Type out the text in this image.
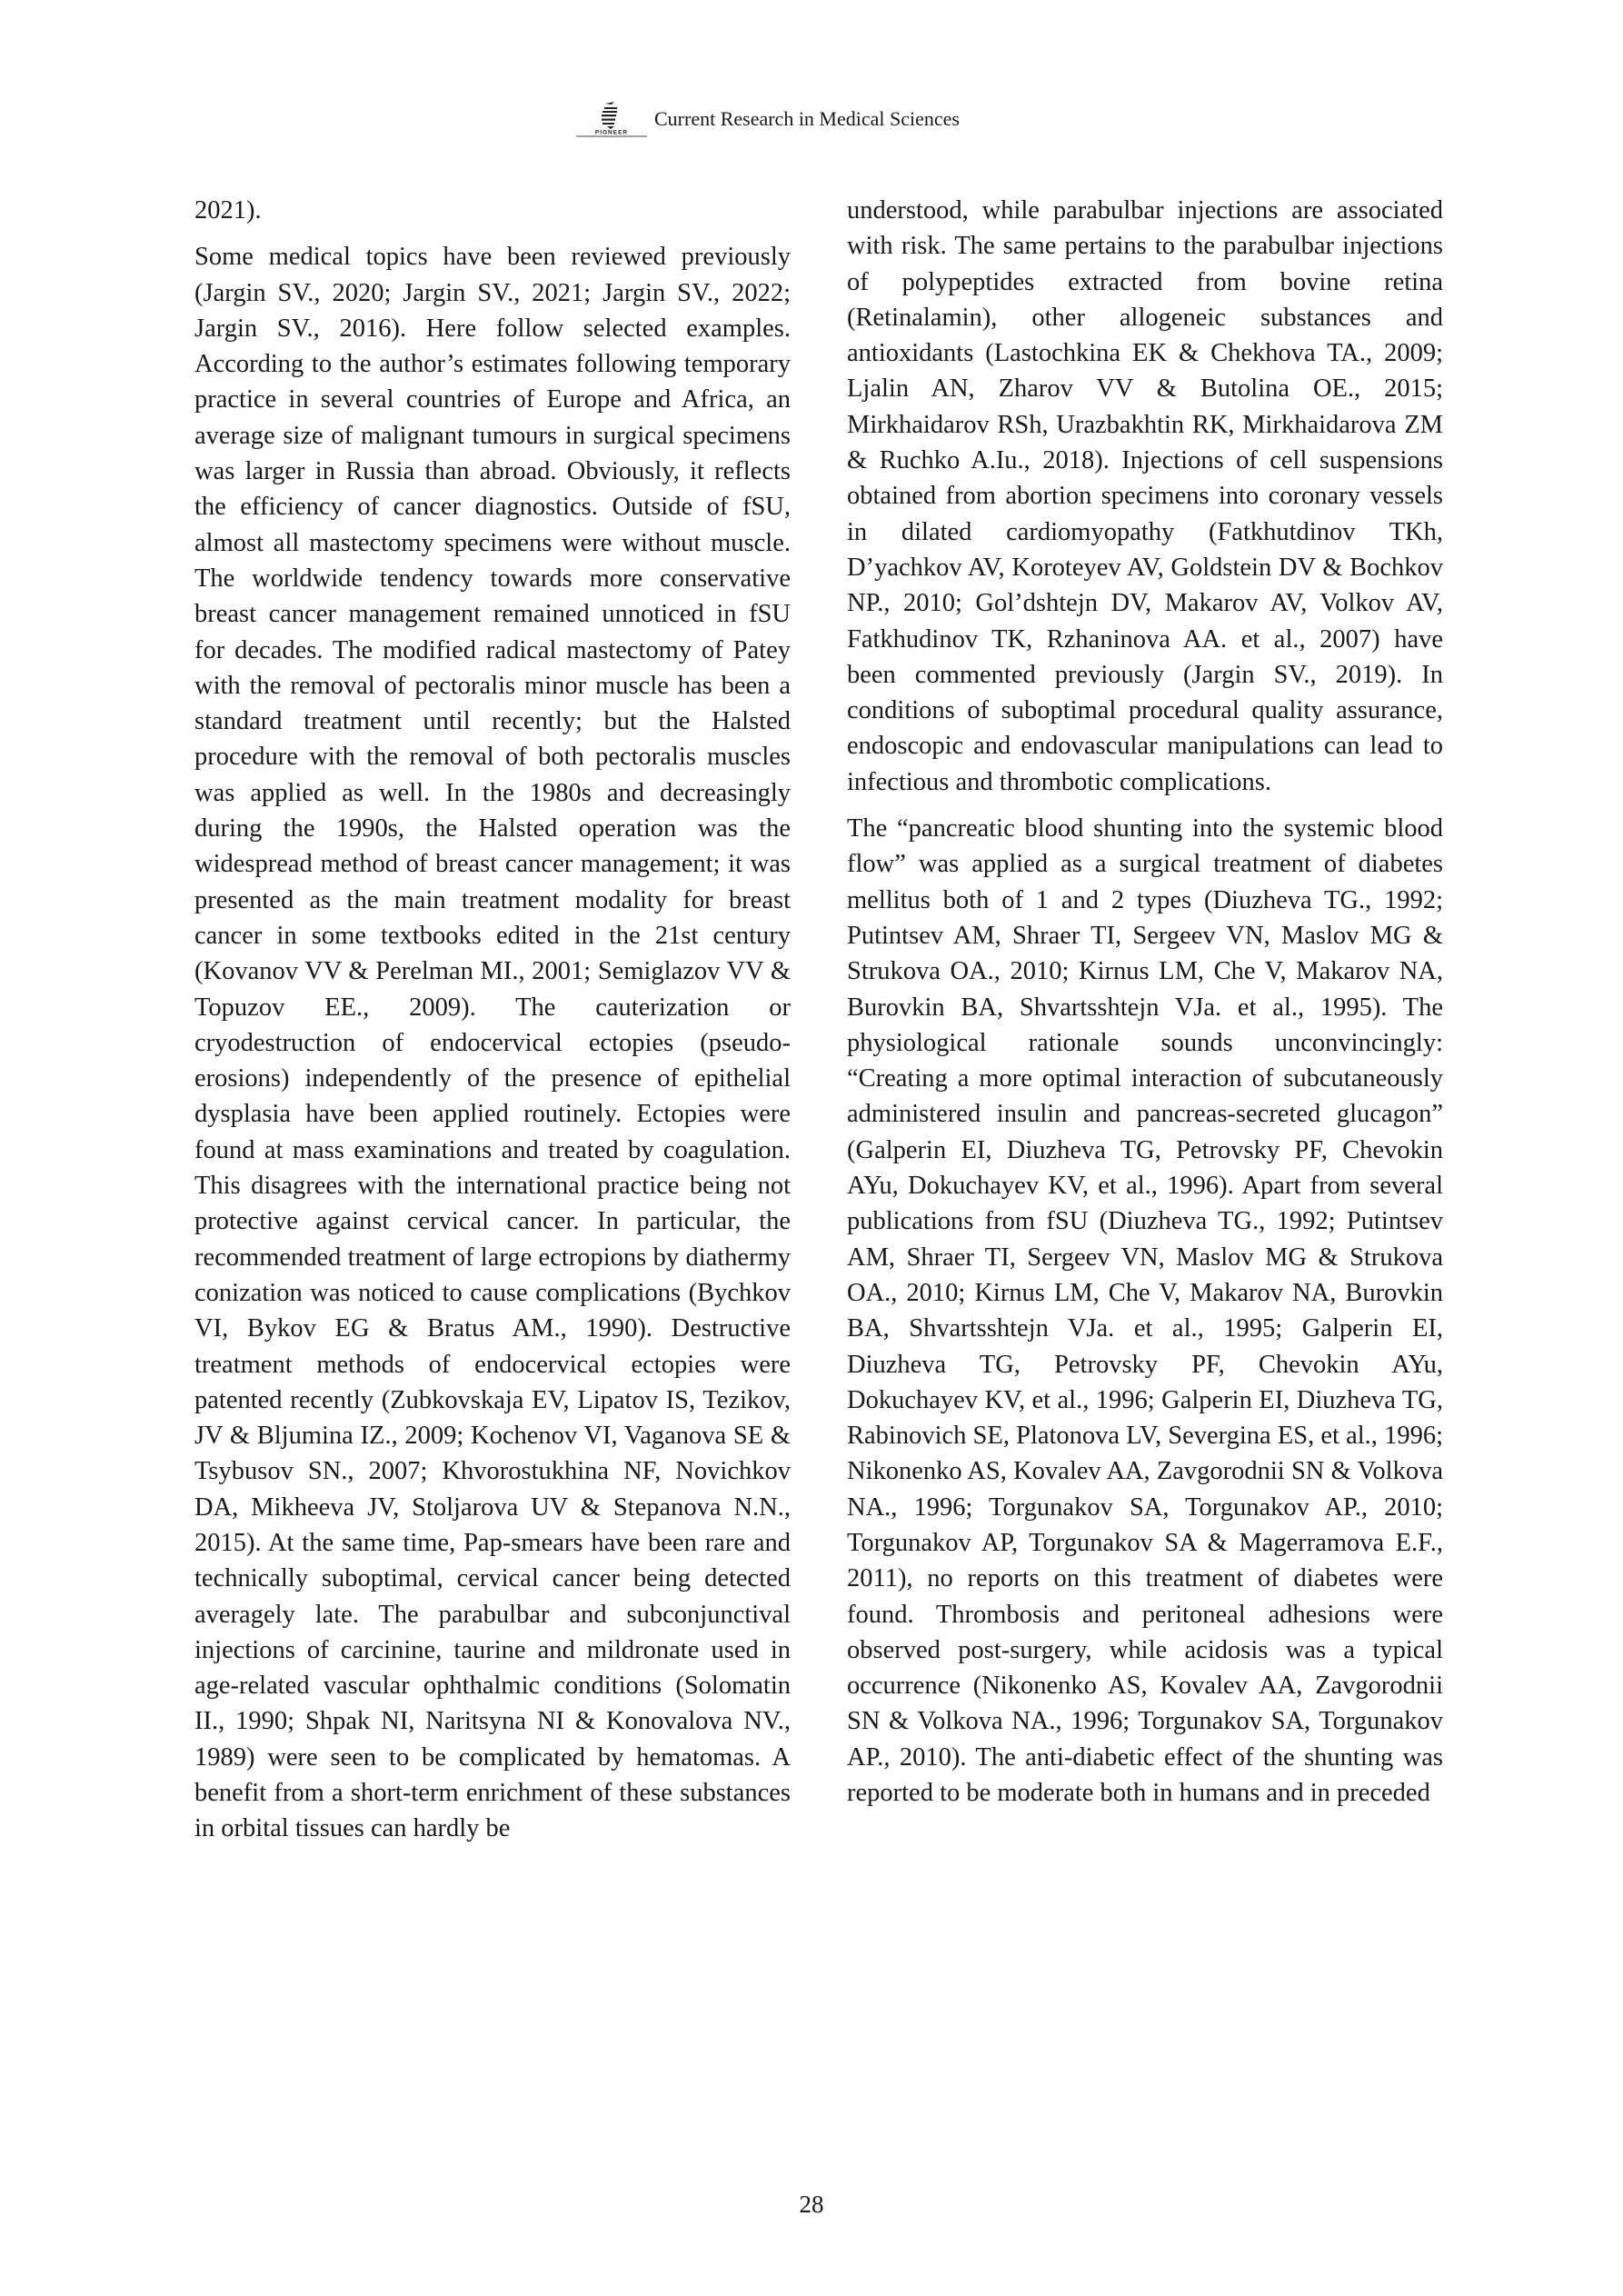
PIONEER
Current Research in Medical Sciences

2021).

Some medical topics have been reviewed previously (Jargin SV., 2020; Jargin SV., 2021; Jargin SV., 2022; Jargin SV., 2016). Here follow selected examples. According to the author’s estimates following temporary practice in several countries of Europe and Africa, an average size of malignant tumours in surgical specimens was larger in Russia than abroad. Obviously, it reflects the efficiency of cancer diagnostics. Outside of fSU, almost all mastectomy specimens were without muscle. The worldwide tendency towards more conservative breast cancer management remained unnoticed in fSU for decades. The modified radical mastectomy of Patey with the removal of pectoralis minor muscle has been a standard treatment until recently; but the Halsted procedure with the removal of both pectoralis muscles was applied as well. In the 1980s and decreasingly during the 1990s, the Halsted operation was the widespread method of breast cancer management; it was presented as the main treatment modality for breast cancer in some textbooks edited in the 21st century (Kovanov VV & Perelman MI., 2001; Semiglazov VV & Topuzov EE., 2009). The cauterization or cryodestruction of endocervical ectopies (pseudo-erosions) independently of the presence of epithelial dysplasia have been applied routinely. Ectopies were found at mass examinations and treated by coagulation. This disagrees with the international practice being not protective against cervical cancer. In particular, the recommended treatment of large ectropions by diathermy conization was noticed to cause complications (Bychkov VI, Bykov EG & Bratus AM., 1990). Destructive treatment methods of endocervical ectopies were patented recently (Zubkovskaja EV, Lipatov IS, Tezikov, JV & Bljumina IZ., 2009; Kochenov VI, Vaganova SE & Tsybusov SN., 2007; Khvorostukhina NF, Novichkov DA, Mikheeva JV, Stoljarova UV & Stepanova N.N., 2015). At the same time, Pap-smears have been rare and technically suboptimal, cervical cancer being detected averagely late. The parabulbar and subconjunctival injections of carcinine, taurine and mildronate used in age-related vascular ophthalmic conditions (Solomatin II., 1990; Shpak NI, Naritsyna NI & Konovalova NV., 1989) were seen to be complicated by hematomas. A benefit from a short-term enrichment of these substances in orbital tissues can hardly be

understood, while parabulbar injections are associated with risk. The same pertains to the parabulbar injections of polypeptides extracted from bovine retina (Retinalamin), other allogeneic substances and antioxidants (Lastochkina EK & Chekhova TA., 2009; Ljalin AN, Zharov VV & Butolina OE., 2015; Mirkhaidarov RSh, Urazbakhtin RK, Mirkhaidarova ZM & Ruchko A.Iu., 2018). Injections of cell suspensions obtained from abortion specimens into coronary vessels in dilated cardiomyopathy (Fatkhutdinov TKh, D’yachkov AV, Koroteyev AV, Goldstein DV & Bochkov NP., 2010; Gol’dshtejn DV, Makarov AV, Volkov AV, Fatkhudinov TK, Rzhaninova AA. et al., 2007) have been commented previously (Jargin SV., 2019). In conditions of suboptimal procedural quality assurance, endoscopic and endovascular manipulations can lead to infectious and thrombotic complications.

The “pancreatic blood shunting into the systemic blood flow” was applied as a surgical treatment of diabetes mellitus both of 1 and 2 types (Diuzheva TG., 1992; Putintsev AM, Shraer TI, Sergeev VN, Maslov MG & Strukova OA., 2010; Kirnus LM, Che V, Makarov NA, Burovkin BA, Shvartsshtejn VJa. et al., 1995). The physiological rationale sounds unconvincingly: “Creating a more optimal interaction of subcutaneously administered insulin and pancreas-secreted glucagon” (Galperin EI, Diuzheva TG, Petrovsky PF, Chevokin AYu, Dokuchayev KV, et al., 1996). Apart from several publications from fSU (Diuzheva TG., 1992; Putintsev AM, Shraer TI, Sergeev VN, Maslov MG & Strukova OA., 2010; Kirnus LM, Che V, Makarov NA, Burovkin BA, Shvartsshtejn VJa. et al., 1995; Galperin EI, Diuzheva TG, Petrovsky PF, Chevokin AYu, Dokuchayev KV, et al., 1996; Galperin EI, Diuzheva TG, Rabinovich SE, Platonova LV, Severgina ES, et al., 1996; Nikonenko AS, Kovalev AA, Zavgorodnii SN & Volkova NA., 1996; Torgunakov SA, Torgunakov AP., 2010; Torgunakov AP, Torgunakov SA & Magerramova E.F., 2011), no reports on this treatment of diabetes were found. Thrombosis and peritoneal adhesions were observed post-surgery, while acidosis was a typical occurrence (Nikonenko AS, Kovalev AA, Zavgorodnii SN & Volkova NA., 1996; Torgunakov SA, Torgunakov AP., 2010). The anti-diabetic effect of the shunting was reported to be moderate both in humans and in preceded

28
